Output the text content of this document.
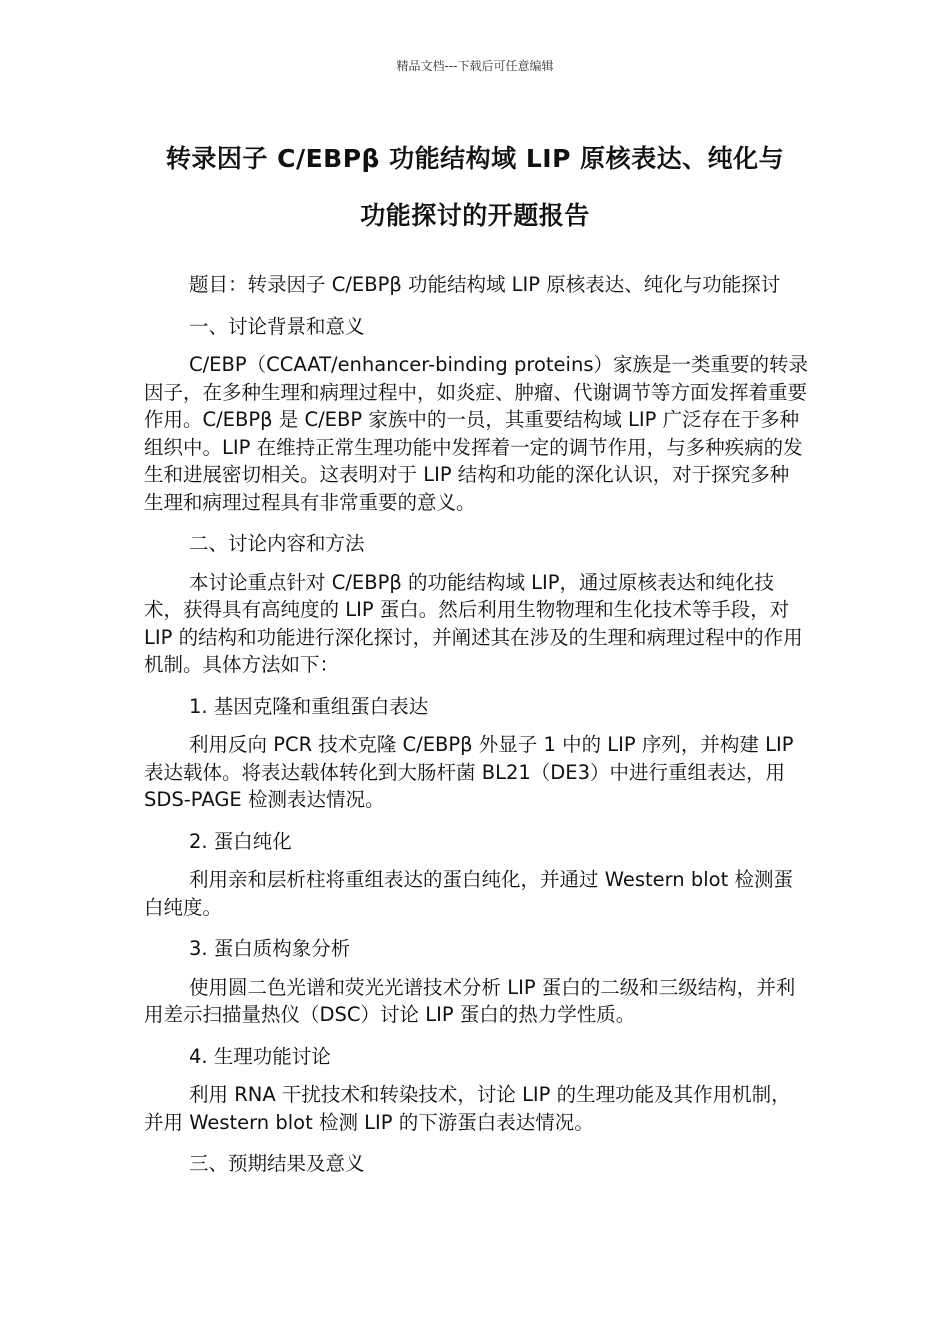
精品文档---下载后可任意编辑
转录因子 C/EBPβ 功能结构域 LIP 原核表达、纯化与
功能探讨的开题报告

题目：转录因子 C/EBPβ 功能结构域 LIP 原核表达、纯化与功能探讨

一、讨论背景和意义

C/EBP（CCAAT/enhancer-binding proteins）家族是一类重要的转录因子，在多种生理和病理过程中，如炎症、肿瘤、代谢调节等方面发挥着重要作用。C/EBPβ 是 C/EBP 家族中的一员，其重要结构域 LIP 广泛存在于多种组织中。LIP 在维持正常生理功能中发挥着一定的调节作用，与多种疾病的发生和进展密切相关。这表明对于 LIP 结构和功能的深化认识，对于探究多种生理和病理过程具有非常重要的意义。

二、讨论内容和方法

本讨论重点针对 C/EBPβ 的功能结构域 LIP，通过原核表达和纯化技术，获得具有高纯度的 LIP 蛋白。然后利用生物物理和生化技术等手段，对 LIP 的结构和功能进行深化探讨，并阐述其在涉及的生理和病理过程中的作用机制。具体方法如下：

1. 基因克隆和重组蛋白表达

利用反向 PCR 技术克隆 C/EBPβ 外显子 1 中的 LIP 序列，并构建 LIP 表达载体。将表达载体转化到大肠杆菌 BL21（DE3）中进行重组表达，用 SDS-PAGE 检测表达情况。

2. 蛋白纯化

利用亲和层析柱将重组表达的蛋白纯化，并通过 Western blot 检测蛋白纯度。

3. 蛋白质构象分析

使用圆二色光谱和荧光光谱技术分析 LIP 蛋白的二级和三级结构，并利用差示扫描量热仪（DSC）讨论 LIP 蛋白的热力学性质。

4. 生理功能讨论

利用 RNA 干扰技术和转染技术，讨论 LIP 的生理功能及其作用机制，并用 Western blot 检测 LIP 的下游蛋白表达情况。

三、预期结果及意义
